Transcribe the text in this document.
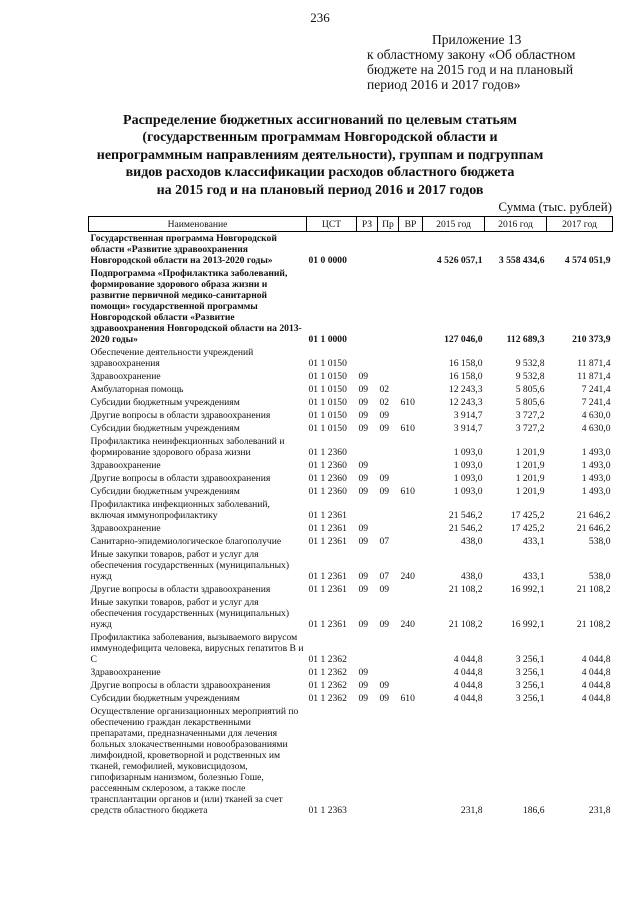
236
Приложение 13
к областному закону «Об областном
бюджете на 2015 год и на плановый
период 2016 и 2017 годов»
Распределение бюджетных ассигнований по целевым статьям
(государственным программам Новгородской области и
непрограммным направлениям деятельности), группам и подгруппам
видов расходов классификации расходов областного бюджета
на 2015 год и на плановый период 2016 и 2017 годов
Сумма (тыс. рублей)
Наименование	ЦСТ	РЗ	Пр	ВР	2015 год	2016 год	2017 год
Государственная программа Новгородской области «Развитие здравоохранения Новгородской области на 2013-2020 годы»	01 0 0000				4 526 057,1	3 558 434,6	4 574 051,9
Подпрограмма «Профилактика заболеваний, формирование здорового образа жизни и развитие первичной медико-санитарной помощи» государственной программы Новгородской области «Развитие здравоохранения Новгородской области на 2013-2020 годы»	01 1 0000				127 046,0	112 689,3	210 373,9
Обеспечение деятельности учреждений здравоохранения	01 1 0150				16 158,0	9 532,8	11 871,4
Здравоохранение	01 1 0150	09			16 158,0	9 532,8	11 871,4
Амбулаторная помощь	01 1 0150	09	02		12 243,3	5 805,6	7 241,4
Субсидии бюджетным учреждениям	01 1 0150	09	02	610	12 243,3	5 805,6	7 241,4
Другие вопросы в области здравоохранения	01 1 0150	09	09		3 914,7	3 727,2	4 630,0
Субсидии бюджетным учреждениям	01 1 0150	09	09	610	3 914,7	3 727,2	4 630,0
Профилактика неинфекционных заболеваний и формирование здорового образа жизни	01 1 2360				1 093,0	1 201,9	1 493,0
Здравоохранение	01 1 2360	09			1 093,0	1 201,9	1 493,0
Другие вопросы в области здравоохранения	01 1 2360	09	09		1 093,0	1 201,9	1 493,0
Субсидии бюджетным учреждениям	01 1 2360	09	09	610	1 093,0	1 201,9	1 493,0
Профилактика инфекционных заболеваний, включая иммунопрофилактику	01 1 2361				21 546,2	17 425,2	21 646,2
Здравоохранение	01 1 2361	09			21 546,2	17 425,2	21 646,2
Санитарно-эпидемиологическое благополучие	01 1 2361	09	07		438,0	433,1	538,0
Иные закупки товаров, работ и услуг для обеспечения государственных (муниципальных) нужд	01 1 2361	09	07	240	438,0	433,1	538,0
Другие вопросы в области здравоохранения	01 1 2361	09	09		21 108,2	16 992,1	21 108,2
Иные закупки товаров, работ и услуг для обеспечения государственных (муниципальных) нужд	01 1 2361	09	09	240	21 108,2	16 992,1	21 108,2
Профилактика заболевания, вызываемого вирусом иммунодефицита человека, вирусных гепатитов В и С	01 1 2362				4 044,8	3 256,1	4 044,8
Здравоохранение	01 1 2362	09			4 044,8	3 256,1	4 044,8
Другие вопросы в области здравоохранения	01 1 2362	09	09		4 044,8	3 256,1	4 044,8
Субсидии бюджетным учреждениям	01 1 2362	09	09	610	4 044,8	3 256,1	4 044,8
Осуществление организационных мероприятий по обеспечению граждан лекарственными препаратами, предназначенными для лечения больных злокачественными новообразованиями лимфоидной, кроветворной и родственных им тканей, гемофилией, муковисцидозом, гипофизарным нанизмом, болезнью Гоше, рассеянным склерозом, а также после трансплантации органов и (или) тканей за счет средств областного бюджета	01 1 2363				231,8	186,6	231,8
